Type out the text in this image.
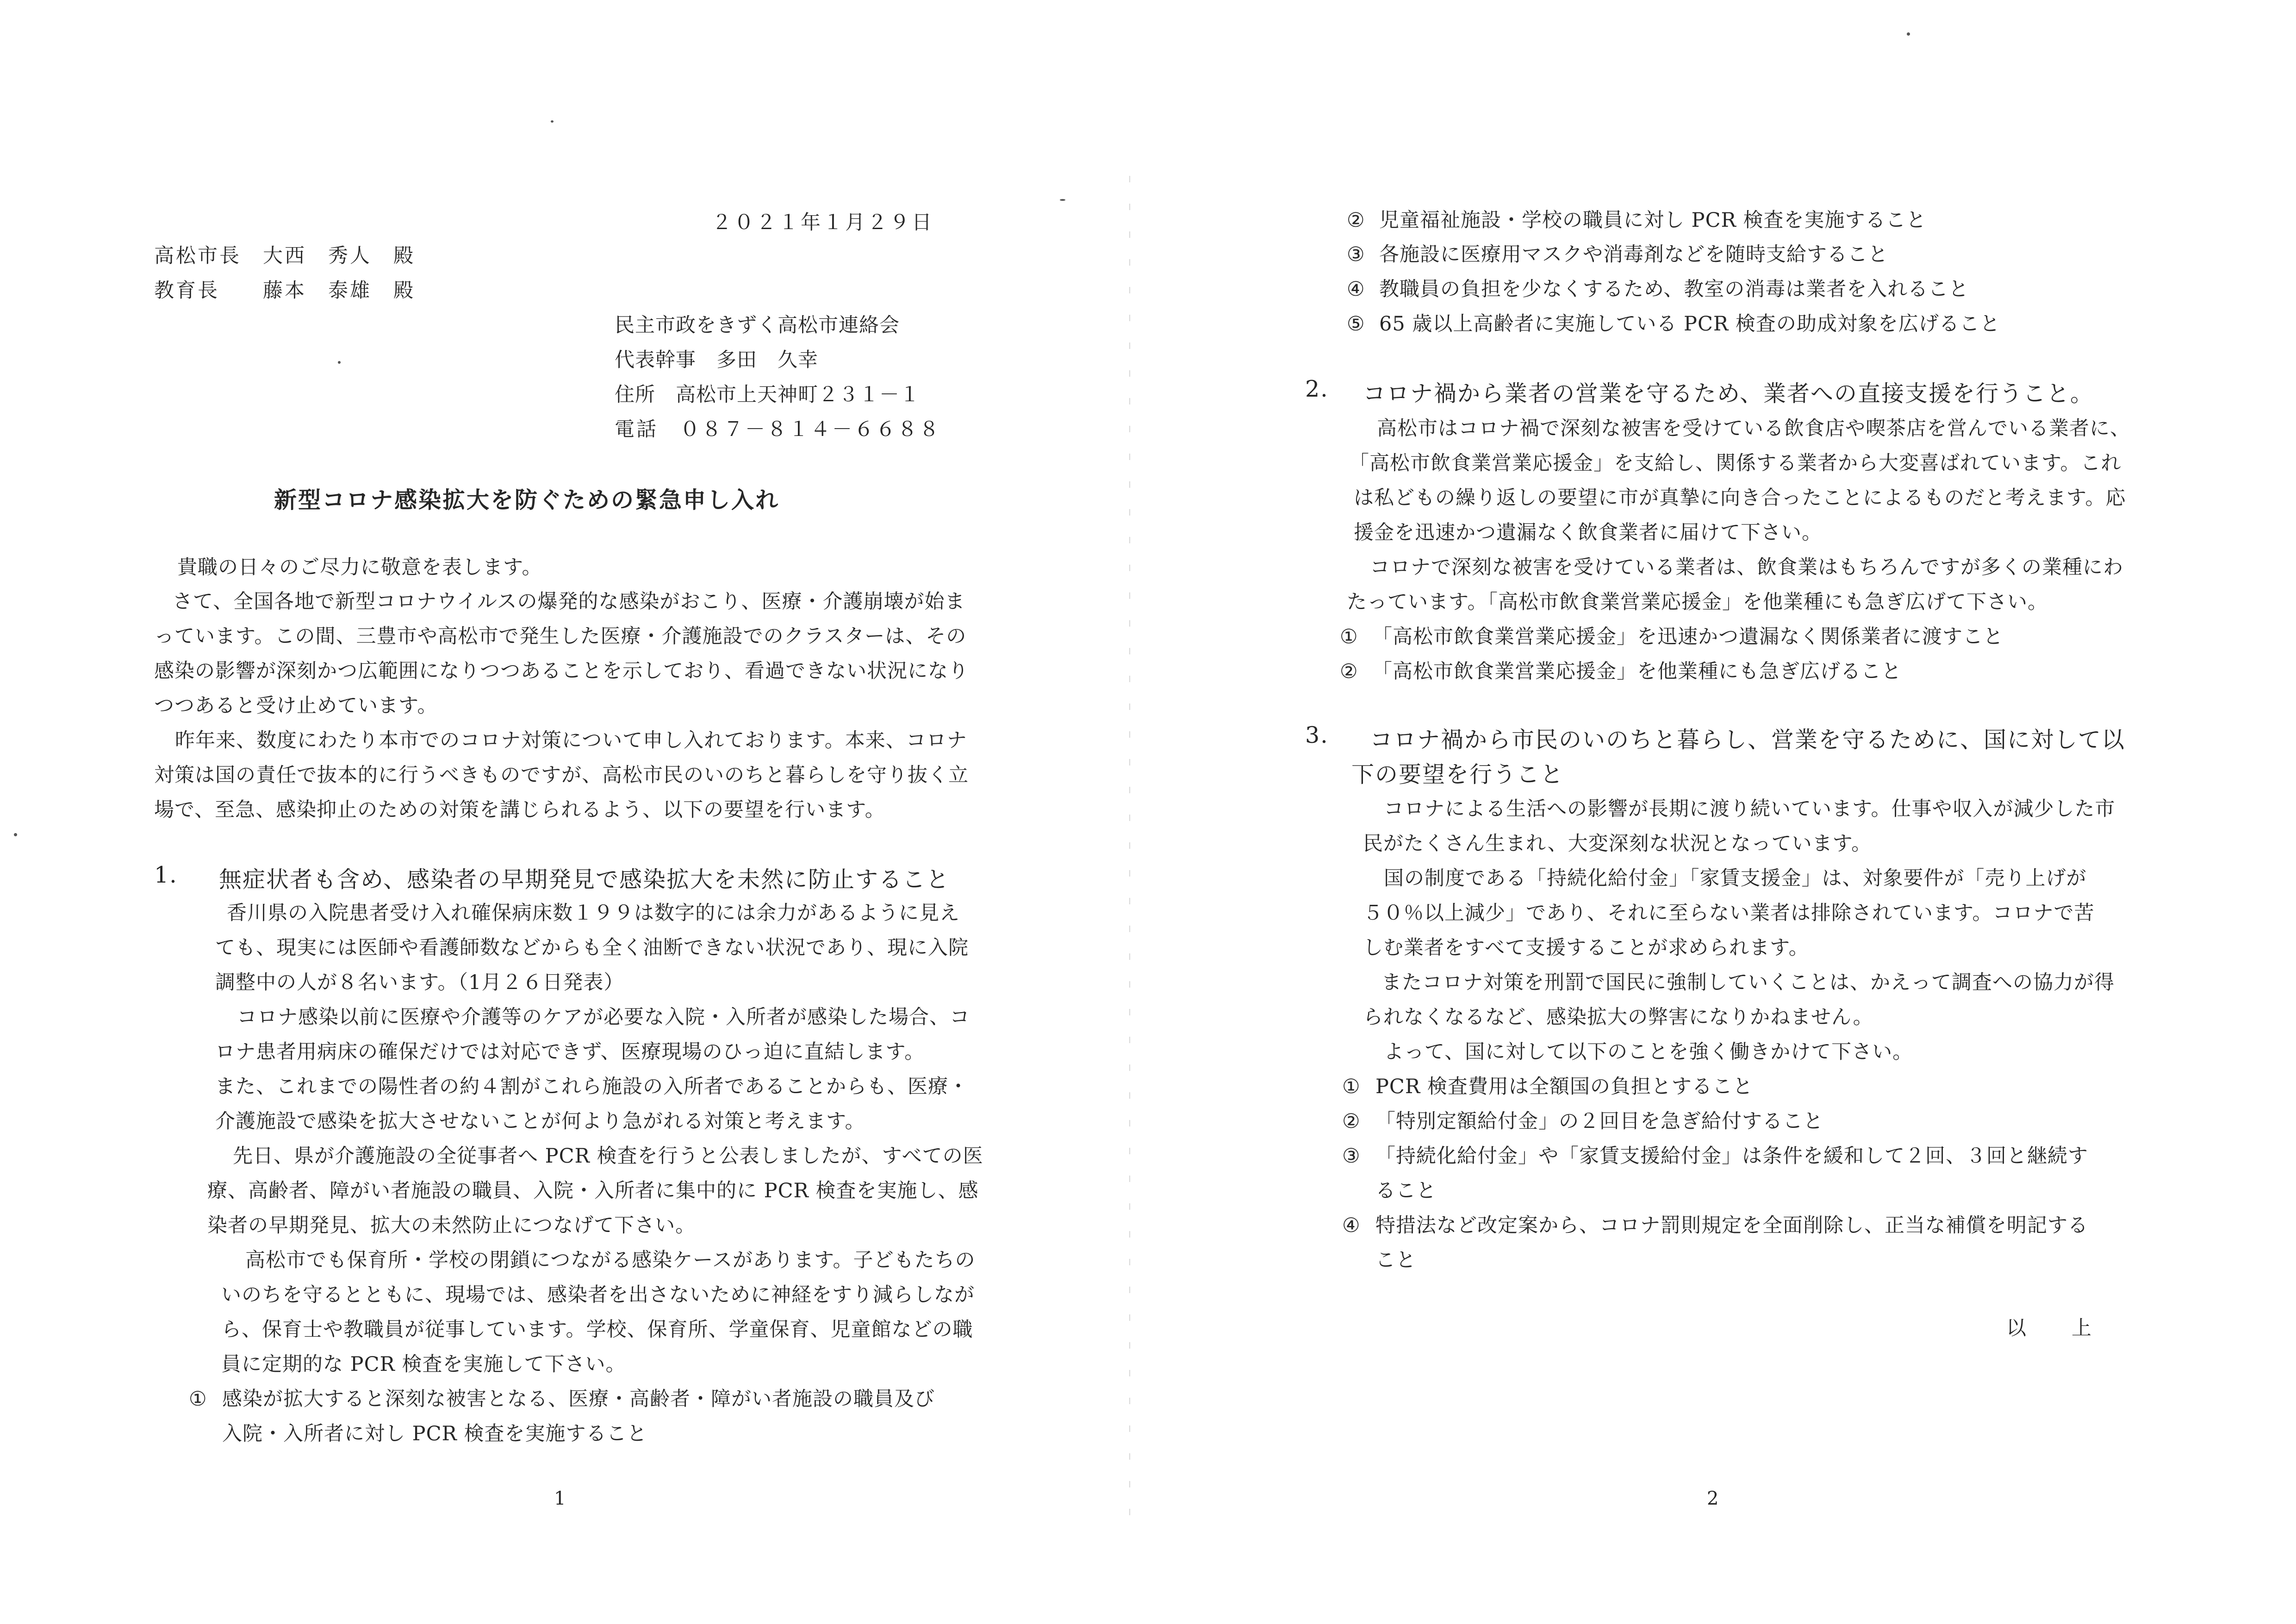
２０２１年１月２９日
高松市長　大西　秀人　殿
教育長　　藤本　泰雄　殿
民主市政をきずく高松市連絡会
代表幹事　多田　久幸
住所　高松市上天神町２３１－１
電話　０８７－８１４－６６８８
新型コロナ感染拡大を防ぐための緊急申し入れ
貴職の日々のご尽力に敬意を表します。
さて、全国各地で新型コロナウイルスの爆発的な感染がおこり、医療・介護崩壊が始ま
っています。この間、三豊市や高松市で発生した医療・介護施設でのクラスターは、その
感染の影響が深刻かつ広範囲になりつつあることを示しており、看過できない状況になり
つつあると受け止めています。
昨年来、数度にわたり本市でのコロナ対策について申し入れております。本来、コロナ
対策は国の責任で抜本的に行うべきものですが、高松市民のいのちと暮らしを守り抜く立
場で、至急、感染抑止のための対策を講じられるよう、以下の要望を行います。
1. 無症状者も含め、感染者の早期発見で感染拡大を未然に防止すること
香川県の入院患者受け入れ確保病床数１９９は数字的には余力があるように見え
ても、現実には医師や看護師数などからも全く油断できない状況であり、現に入院
調整中の人が８名います。（1月２６日発表）
コロナ感染以前に医療や介護等のケアが必要な入院・入所者が感染した場合、コ
ロナ患者用病床の確保だけでは対応できず、医療現場のひっ迫に直結します。
また、これまでの陽性者の約４割がこれら施設の入所者であることからも、医療・
介護施設で感染を拡大させないことが何より急がれる対策と考えます。
先日、県が介護施設の全従事者へ PCR 検査を行うと公表しましたが、すべての医
療、高齢者、障がい者施設の職員、入院・入所者に集中的に PCR 検査を実施し、感
染者の早期発見、拡大の未然防止につなげて下さい。
高松市でも保育所・学校の閉鎖につながる感染ケースがあります。子どもたちの
いのちを守るとともに、現場では、感染者を出さないために神経をすり減らしなが
ら、保育士や教職員が従事しています。学校、保育所、学童保育、児童館などの職
員に定期的な PCR 検査を実施して下さい。
① 感染が拡大すると深刻な被害となる、医療・高齢者・障がい者施設の職員及び
入院・入所者に対し PCR 検査を実施すること
1
② 児童福祉施設・学校の職員に対し PCR 検査を実施すること
③ 各施設に医療用マスクや消毒剤などを随時支給すること
④ 教職員の負担を少なくするため、教室の消毒は業者を入れること
⑤ 65 歳以上高齢者に実施している PCR 検査の助成対象を広げること
2. コロナ禍から業者の営業を守るため、業者への直接支援を行うこと。
高松市はコロナ禍で深刻な被害を受けている飲食店や喫茶店を営んでいる業者に、
「高松市飲食業営業応援金」を支給し、関係する業者から大変喜ばれています。これ
は私どもの繰り返しの要望に市が真摯に向き合ったことによるものだと考えます。応
援金を迅速かつ遺漏なく飲食業者に届けて下さい。
コロナで深刻な被害を受けている業者は、飲食業はもちろんですが多くの業種にわ
たっています。「高松市飲食業営業応援金」を他業種にも急ぎ広げて下さい。
① 「高松市飲食業営業応援金」を迅速かつ遺漏なく関係業者に渡すこと
② 「高松市飲食業営業応援金」を他業種にも急ぎ広げること
3. コロナ禍から市民のいのちと暮らし、営業を守るために、国に対して以
下の要望を行うこと
コロナによる生活への影響が長期に渡り続いています。仕事や収入が減少した市
民がたくさん生まれ、大変深刻な状況となっています。
国の制度である「持続化給付金」「家賃支援金」は、対象要件が「売り上げが
５０％以上減少」であり、それに至らない業者は排除されています。コロナで苦
しむ業者をすべて支援することが求められます。
またコロナ対策を刑罰で国民に強制していくことは、かえって調査への協力が得
られなくなるなど、感染拡大の弊害になりかねません。
よって、国に対して以下のことを強く働きかけて下さい。
① PCR 検査費用は全額国の負担とすること
② 「特別定額給付金」の２回目を急ぎ給付すること
③ 「持続化給付金」や「家賃支援給付金」は条件を緩和して２回、３回と継続す
ること
④ 特措法など改定案から、コロナ罰則規定を全面削除し、正当な補償を明記する
こと
以　　上
2
